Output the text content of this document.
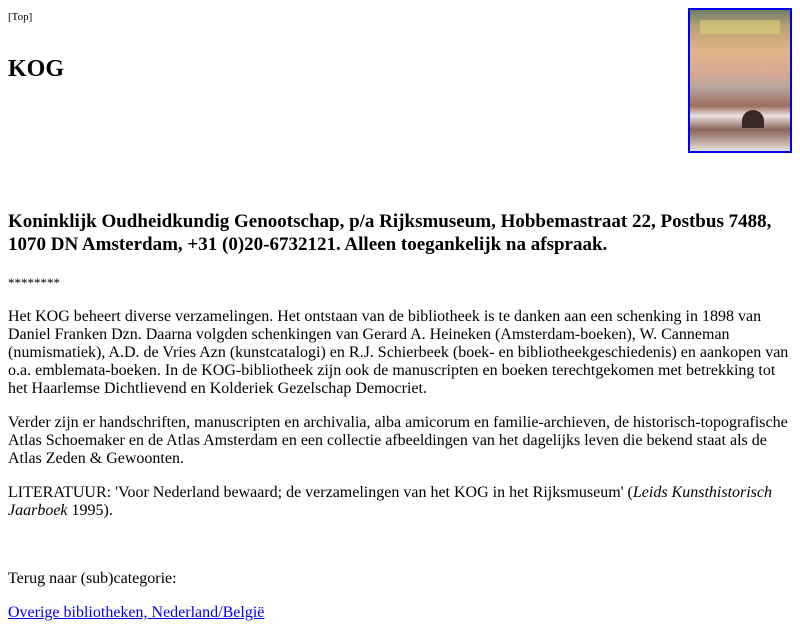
[Top]

KOG
Koninklijk Oudheidkundig Genootschap, p/a Rijksmuseum, Hobbemastraat 22, Postbus 7488, 1070 DN Amsterdam, +31 (0)20-6732121. Alleen toegankelijk na afspraak.

********

Het KOG beheert diverse verzamelingen. Het ontstaan van de bibliotheek is te danken aan een schenking in 1898 van Daniel Franken Dzn. Daarna volgden schenkingen van Gerard A. Heineken (Amsterdam-boeken), W. Canneman (numismatiek), A.D. de Vries Azn (kunstcatalogi) en R.J. Schierbeek (boek- en bibliotheekgeschiedenis) en aankopen van o.a. emblemata-boeken. In de KOG-bibliotheek zijn ook de manuscripten en boeken terechtgekomen met betrekking tot het Haarlemse Dichtlievend en Kolderiek Gezelschap Democriet.

Verder zijn er handschriften, manuscripten en archivalia, alba amicorum en familie-archieven, de historisch-topografische Atlas Schoemaker en de Atlas Amsterdam en een collectie afbeeldingen van het dagelijks leven die bekend staat als de Atlas Zeden & Gewoonten.

LITERATUUR: 'Voor Nederland bewaard; de verzamelingen van het KOG in het Rijksmuseum' (Leids Kunsthistorisch Jaarboek 1995).

Terug naar (sub)categorie:

Overige bibliotheken, Nederland/België
